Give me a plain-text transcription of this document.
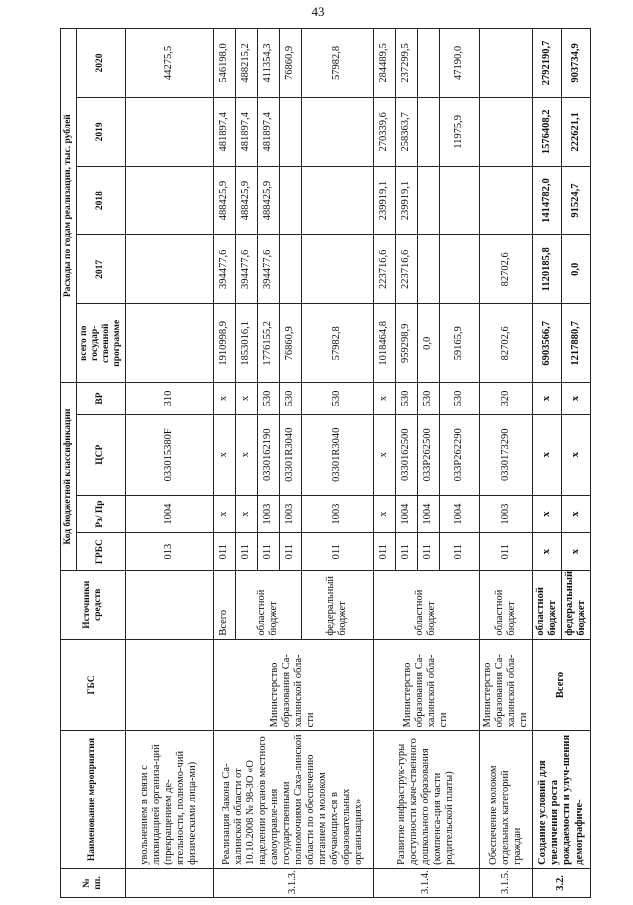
43
№ пп.	Наименование мероприятия	ГБС	Источники средств	Код бюджетной классификации				Расходы по годам реализации, тыс. рублей				
				ГРБС	Рз/ Пр	ЦСР	ВР	всего по государ-ственной программе	2017	2018	2019	2020
	увольнением в связи с ликвидацией организа-ций (прекращением де-ятельности, полномо-чий физическими лица-ми)			013	1004	033015380F	310					44275,5
3.1.3.	Реализация Закона Са-халинской области от 10.10.2008 № 98-ЗО «О наделении органов местного самоуправле-ния государственными полномочиями Саха-линской области по обеспечению питанием и молоком обучающих-ся в образовательных организациях»	Министерство образования Са-халинской обла-сти	Всего	011	х	х	х	1910998,9	394477,6	488425,9	481897,4	546198,0
			областной бюджет	011	х	х	х	1853016,1	394477,6	488425,9	481897,4	488215,2
				011	1003	0330162190	530	1776155,2	394477,6	488425,9	481897,4	411354,3
				011	1003	03301R3040	530	76860,9				76860,9
			федеральный бюджет	011	1003	03301R3040	530	57982,8				57982,8
3.1.4.	Развитие инфраструк-туры доступности каче-ственного дошкольного образования (компенса-ция части родительской платы)	Министерство образования Са-халинской обла-сти	областной бюджет	011	х	х	х	1018464,8	223716,6	239919,1	270339,6	284489,5
				011	1004	0330162500	530	959298,9	223716,6	239919,1	258363,7	237299,5
				011	1004	033Р262500	530	0,0				
				011	1004	033Р262290	530	59165,9			11975,9	47190,0
3.1.5.	Обеспечение молоком отдельных категорий граждан	Министерство образования Са-халинской обла-сти	областной бюджет	011	1003	0330173290	320	82702,6	82702,6			
3.2.	Создание условий для увеличения роста рождаемости и улуч-шения демографиче-	Всего	областной бюджет	х	х	х	х	6903566,7	1120185,8	1414782,0	1576408,2	2792190,7
			федеральный бюджет	х	х	х	х	1217880,7	0,0	91524,7	222621,1	903734,9
